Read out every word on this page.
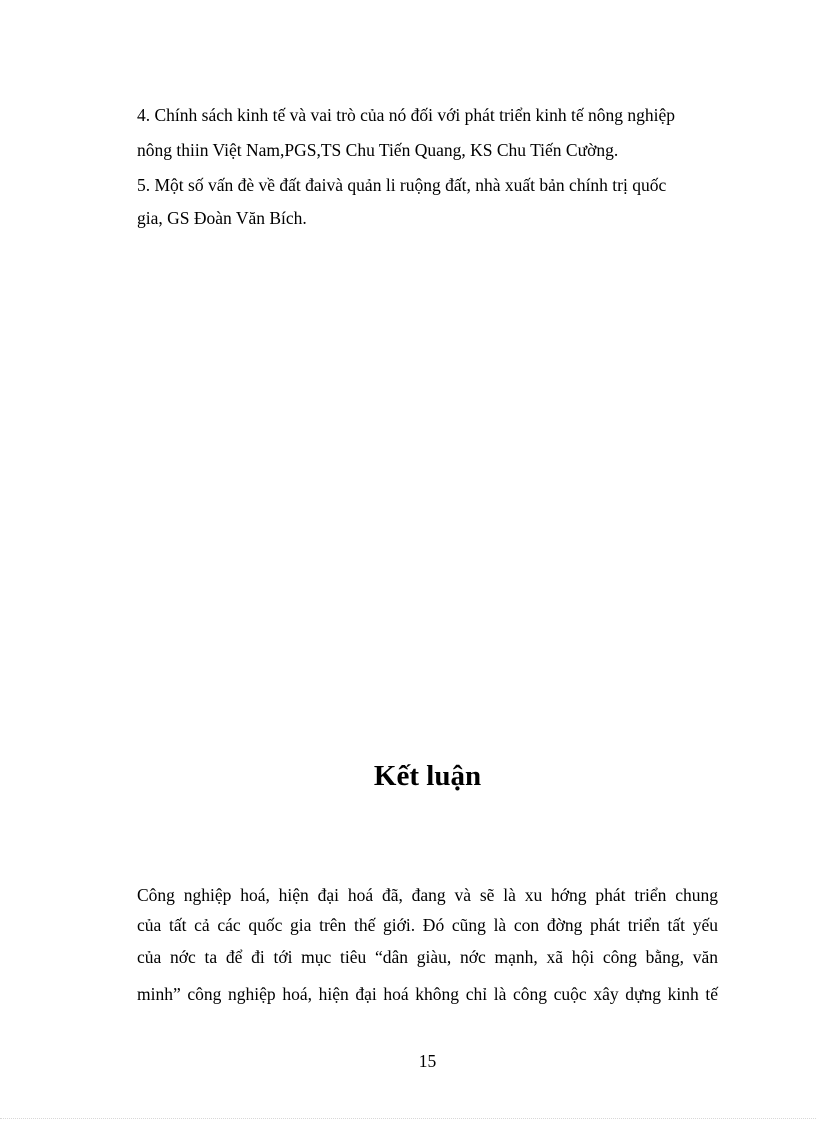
4. Chính sách kinh tế và vai trò của nó đối với phát triển kinh tế nông nghiệp
nông thiin Việt Nam,PGS,TS Chu Tiến Quang, KS Chu Tiến Cường.
5. Một số vấn đè về đất đaivà quản li ruộng đất, nhà xuất bản chính trị quốc
gia, GS Đoàn Văn Bích.
Kết luận
Công nghiệp hoá, hiện đại hoá đã, đang và sẽ là xu hớng phát triển chung
của tất cả các quốc gia trên thế giới. Đó cũng là con đờng phát triển tất yếu
của nớc ta để đi tới mục tiêu “dân giàu, nớc mạnh, xã hội công bằng, văn
minh” công nghiệp hoá, hiện đại hoá không chỉ là công cuộc xây dựng kinh tế
15
